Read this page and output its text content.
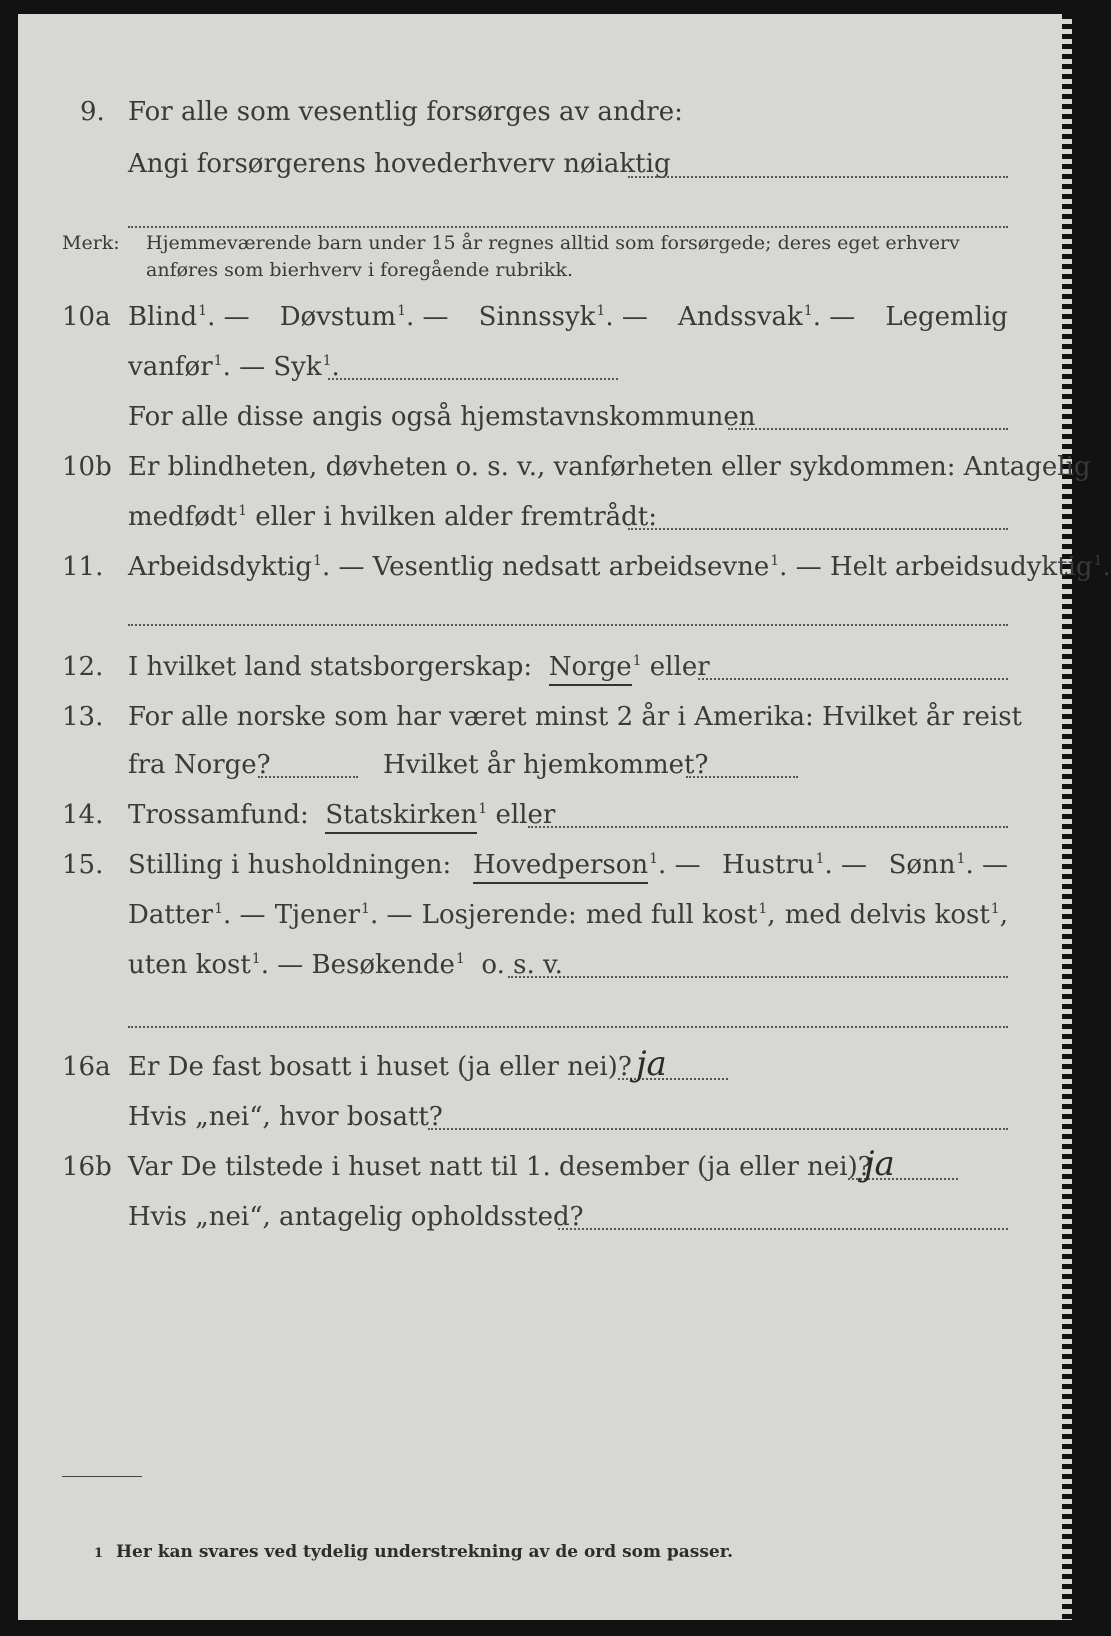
9. For alle som vesentlig forsørges av andre:
Angi forsørgerens hovederhverv nøiaktig
Merk: Hjemmeværende barn under 15 år regnes alltid som forsørgede; deres eget erhverv
anføres som bierhverv i foregående rubrikk.
10a Blind$^1$. — Døvstum$^1$. — Sinnssyk$^1$. — Andssvak$^1$. — Legemlig
vanfør$^1$. — Syk$^1$.
For alle disse angis også hjemstavnskommunen
10b Er blindheten, døvheten o. s. v., vanførheten eller sykdommen: Antagelig
medfødt$^1$ eller i hvilken alder fremtrådt:
11. Arbeidsdyktig$^1$. — Vesentlig nedsatt arbeidsevne$^1$. — Helt arbeidsudyktig$^1$.
12. I hvilket land statsborgerskap: Norge$^1$ eller
13. For alle norske som har været minst 2 år i Amerika: Hvilket år reist
fra Norge?	Hvilket år hjemkommet?
14. Trossamfund: Statskirken$^1$ eller
15. Stilling i husholdningen: Hovedperson$^1$. — Hustru$^1$. — Sønn$^1$. —
Datter$^1$. — Tjener$^1$. — Losjerende: med full kost$^1$, med delvis kost$^1$,
uten kost$^1$. — Besøkende$^1$ o. s. v.
16a Er De fast bosatt i huset (ja eller nei)? ja
Hvis „nei“, hvor bosatt?
16b Var De tilstede i huset natt til 1. desember (ja eller nei)?
ja
Hvis „nei“, antagelig opholdssted?
1 Her kan svares ved tydelig understrekning av de ord som passer.
